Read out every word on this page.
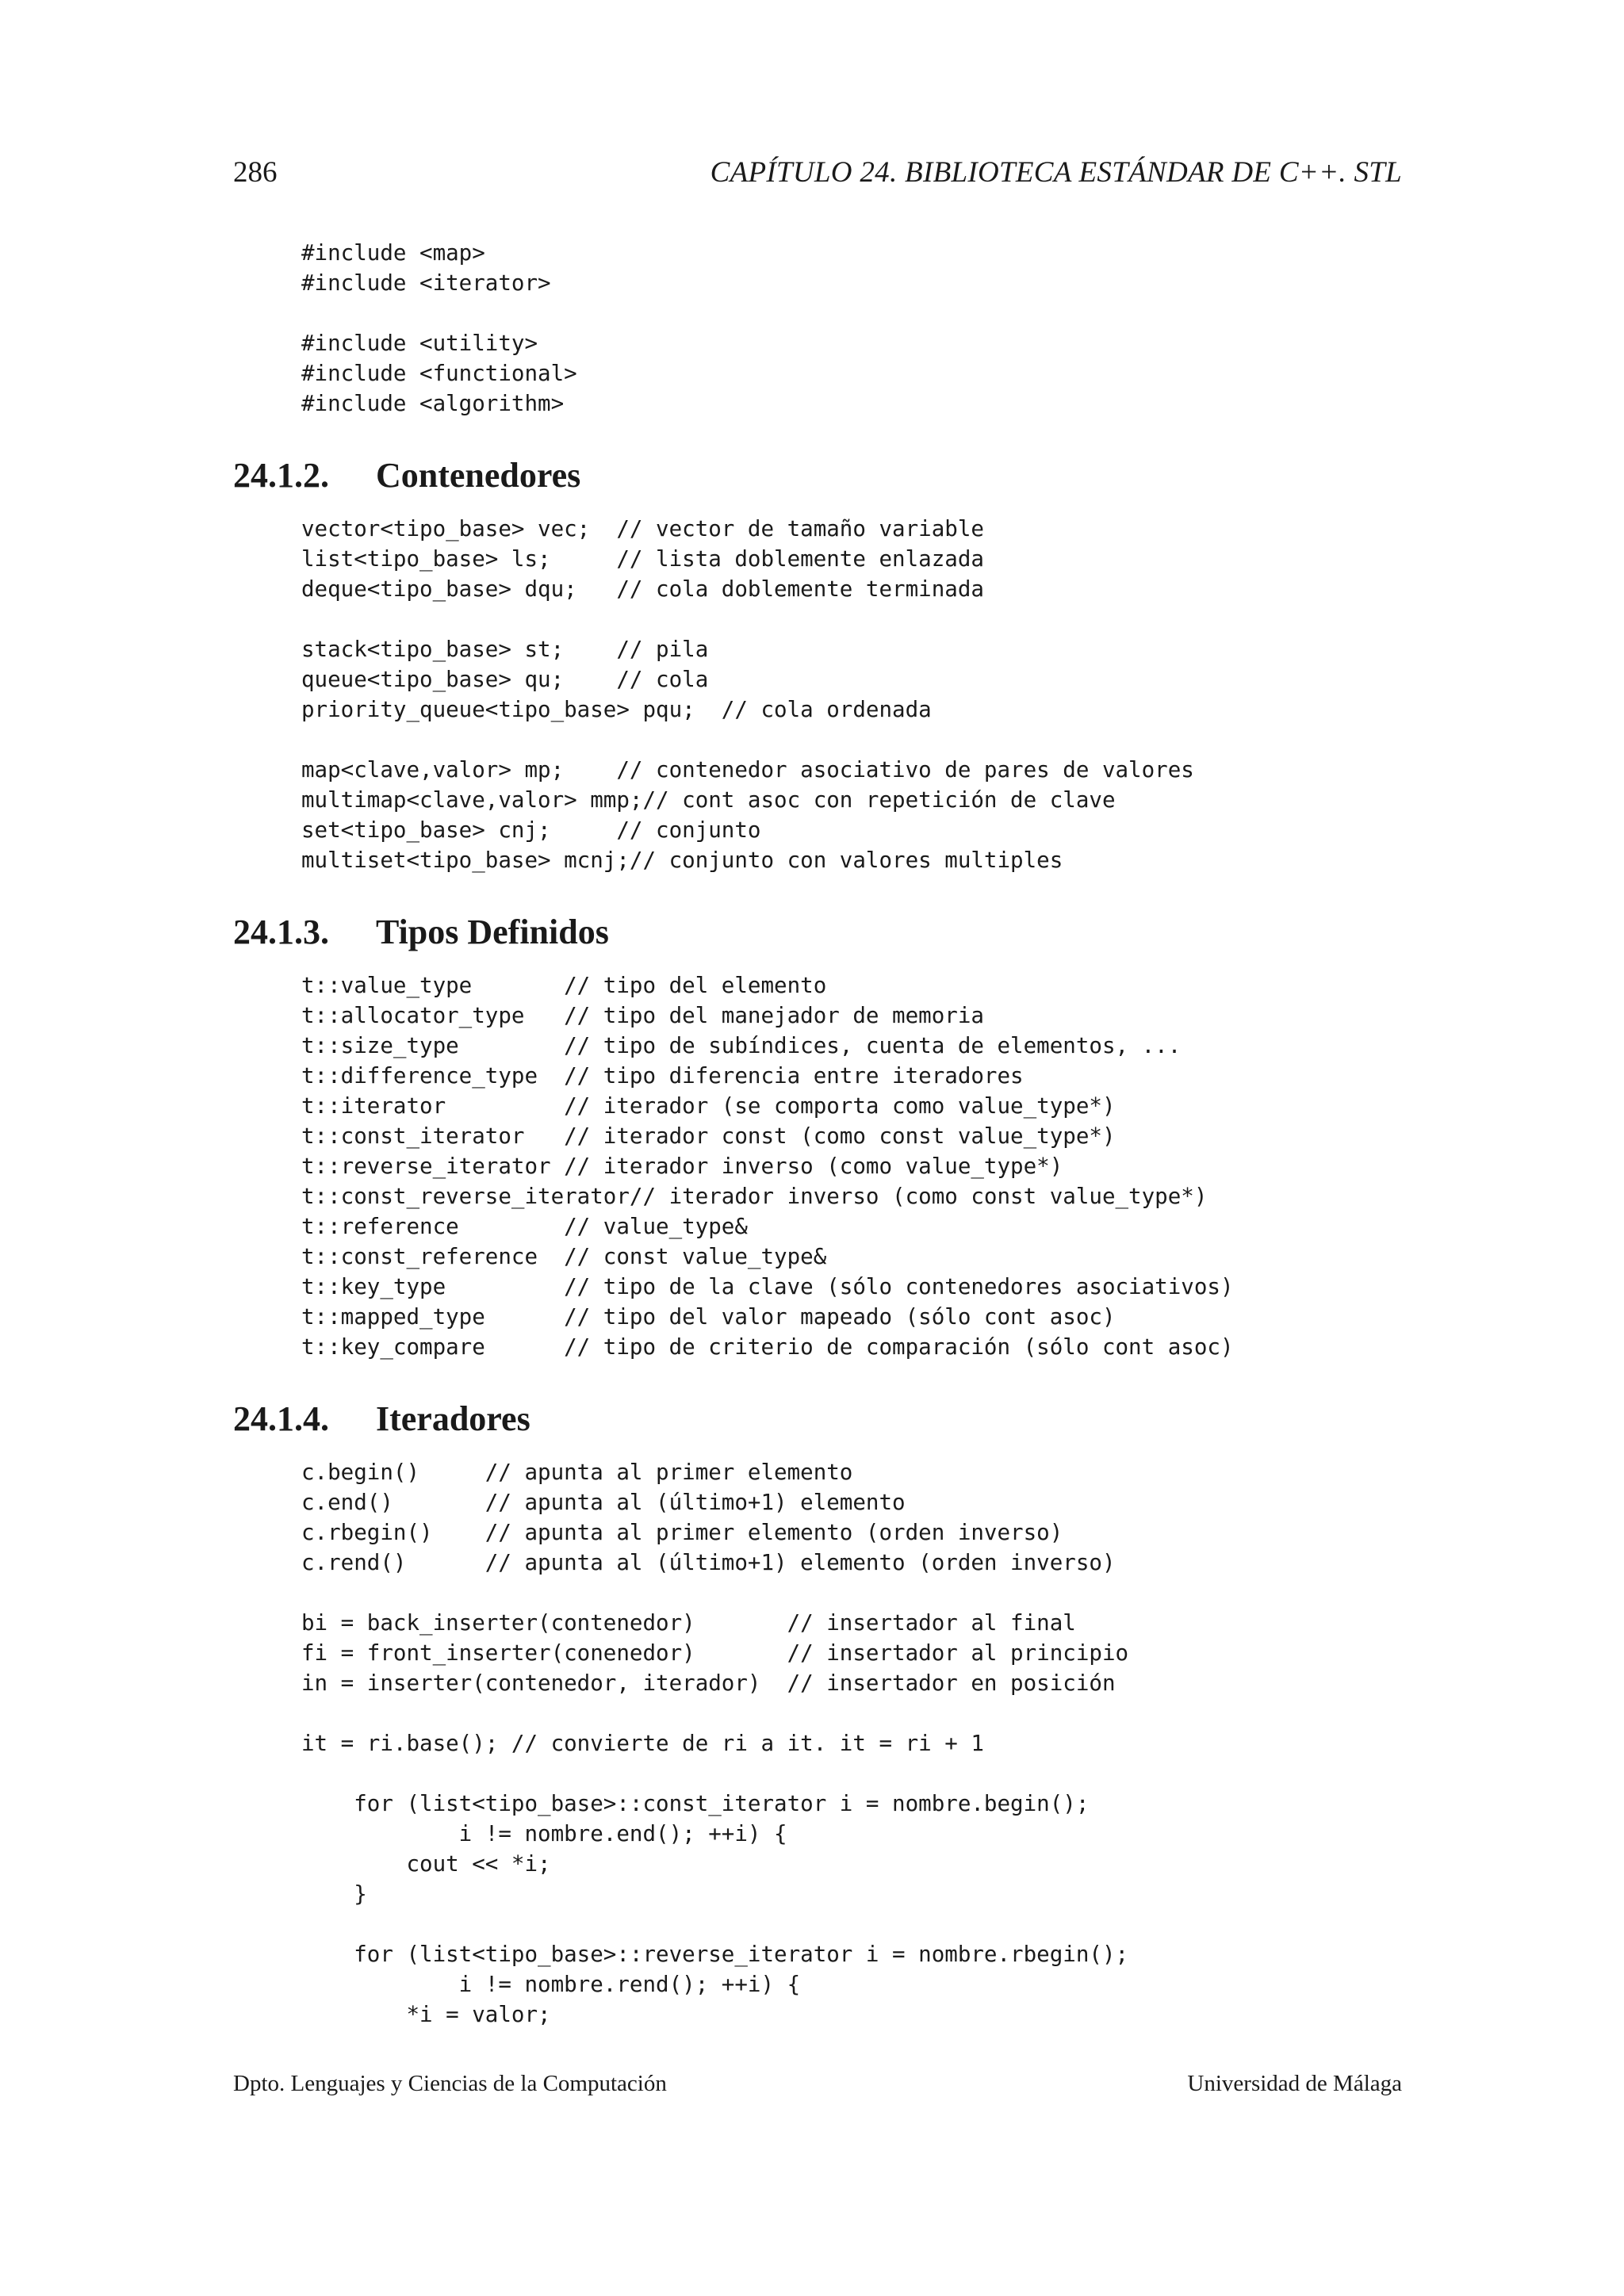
286	CAPÍTULO 24. BIBLIOTECA ESTÁNDAR DE C++. STL
#include <map>
#include <iterator>

#include <utility>
#include <functional>
#include <algorithm>
24.1.2. Contenedores
vector<tipo_base> vec;  // vector de tamaño variable
list<tipo_base> ls;     // lista doblemente enlazada
deque<tipo_base> dqu;   // cola doblemente terminada

stack<tipo_base> st;    // pila
queue<tipo_base> qu;    // cola
priority_queue<tipo_base> pqu;  // cola ordenada

map<clave,valor> mp;    // contenedor asociativo de pares de valores
multimap<clave,valor> mmp;// cont asoc con repetición de clave
set<tipo_base> cnj;     // conjunto
multiset<tipo_base> mcnj;// conjunto con valores multiples
24.1.3. Tipos Definidos
t::value_type       // tipo del elemento
t::allocator_type   // tipo del manejador de memoria
t::size_type        // tipo de subíndices, cuenta de elementos, ...
t::difference_type  // tipo diferencia entre iteradores
t::iterator         // iterador (se comporta como value_type*)
t::const_iterator   // iterador const (como const value_type*)
t::reverse_iterator // iterador inverso (como value_type*)
t::const_reverse_iterator// iterador inverso (como const value_type*)
t::reference        // value_type&
t::const_reference  // const value_type&
t::key_type         // tipo de la clave (sólo contenedores asociativos)
t::mapped_type      // tipo del valor mapeado (sólo cont asoc)
t::key_compare      // tipo de criterio de comparación (sólo cont asoc)
24.1.4. Iteradores
c.begin()     // apunta al primer elemento
c.end()       // apunta al (último+1) elemento
c.rbegin()    // apunta al primer elemento (orden inverso)
c.rend()      // apunta al (último+1) elemento (orden inverso)

bi = back_inserter(contenedor)       // insertador al final
fi = front_inserter(conenedor)       // insertador al principio
in = inserter(contenedor, iterador)  // insertador en posición

it = ri.base(); // convierte de ri a it. it = ri + 1

for (list<tipo_base>::const_iterator i = nombre.begin();
i != nombre.end(); ++i) {
cout << *i;
}

for (list<tipo_base>::reverse_iterator i = nombre.rbegin();
i != nombre.rend(); ++i) {
*i = valor;
Dpto. Lenguajes y Ciencias de la Computación	Universidad de Málaga
